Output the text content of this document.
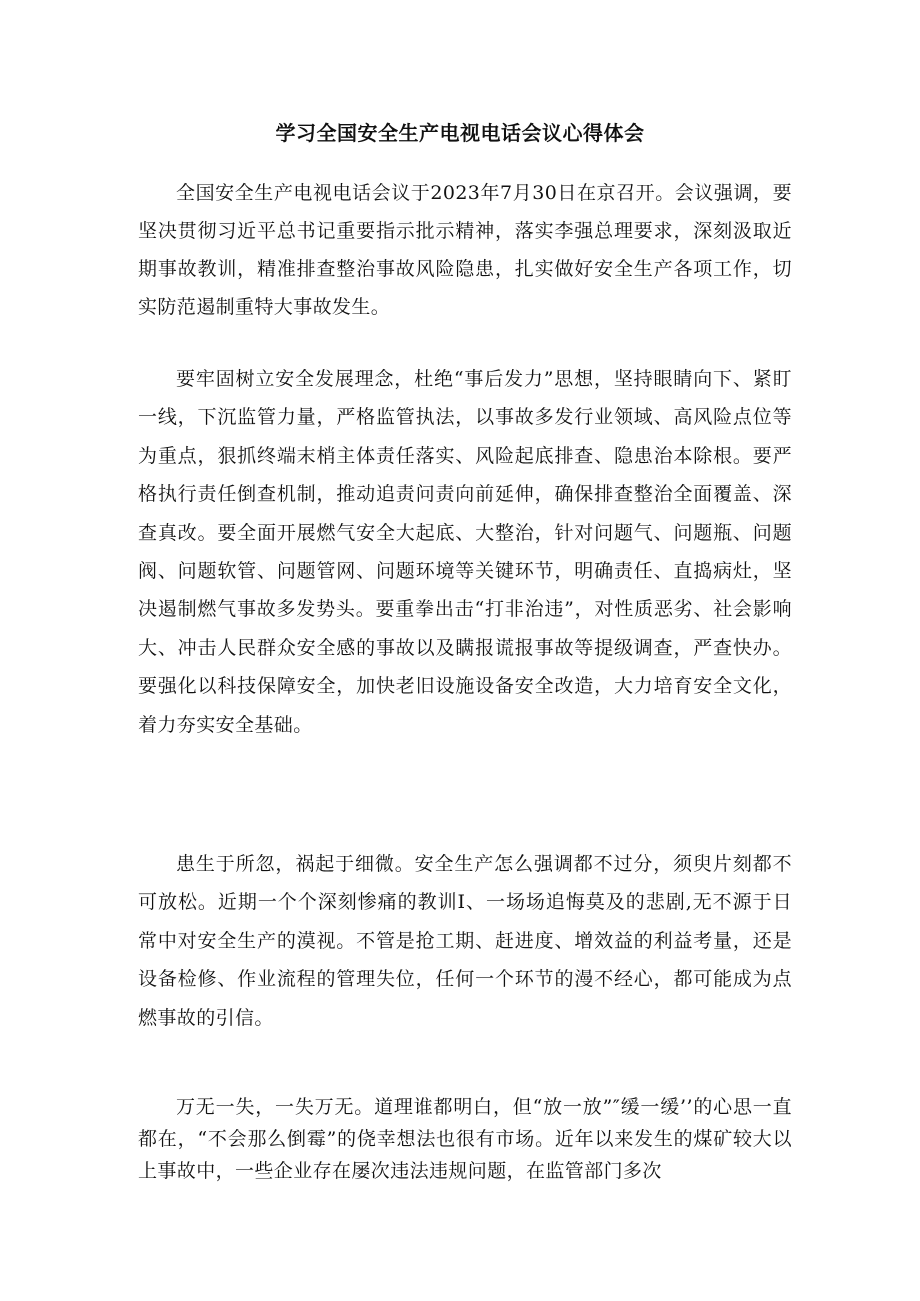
学习全国安全生产电视电话会议心得体会

全国安全生产电视电话会议于2023年7月30日在京召开。会议强调，要坚决贯彻习近平总书记重要指示批示精神，落实李强总理要求，深刻汲取近期事故教训，精准排查整治事故风险隐患，扎实做好安全生产各项工作，切实防范遏制重特大事故发生。

要牢固树立安全发展理念，杜绝“事后发力”思想，坚持眼睛向下、紧盯一线，下沉监管力量，严格监管执法，以事故多发行业领域、高风险点位等为重点，狠抓终端末梢主体责任落实、风险起底排查、隐患治本除根。要严格执行责任倒查机制，推动追责问责向前延伸，确保排查整治全面覆盖、深查真改。要全面开展燃气安全大起底、大整治，针对问题气、问题瓶、问题阀、问题软管、问题管网、问题环境等关键环节，明确责任、直捣病灶，坚决遏制燃气事故多发势头。要重拳出击“打非治违”，对性质恶劣、社会影响大、冲击人民群众安全感的事故以及瞒报谎报事故等提级调查，严查快办。要强化以科技保障安全，加快老旧设施设备安全改造，大力培育安全文化，着力夯实安全基础。

患生于所忽，祸起于细微。安全生产怎么强调都不过分，须臾片刻都不可放松。近期一个个深刻惨痛的教训I、一场场追悔莫及的悲剧,无不源于日常中对安全生产的漠视。不管是抢工期、赶进度、增效益的利益考量，还是设备检修、作业流程的管理失位，任何一个环节的漫不经心，都可能成为点燃事故的引信。

万无一失，一失万无。道理谁都明白，但“放一放”″缓一缓’’的心思一直都在，“不会那么倒霉”的侥幸想法也很有市场。近年以来发生的煤矿较大以上事故中，一些企业存在屡次违法违规问题，在监管部门多次
